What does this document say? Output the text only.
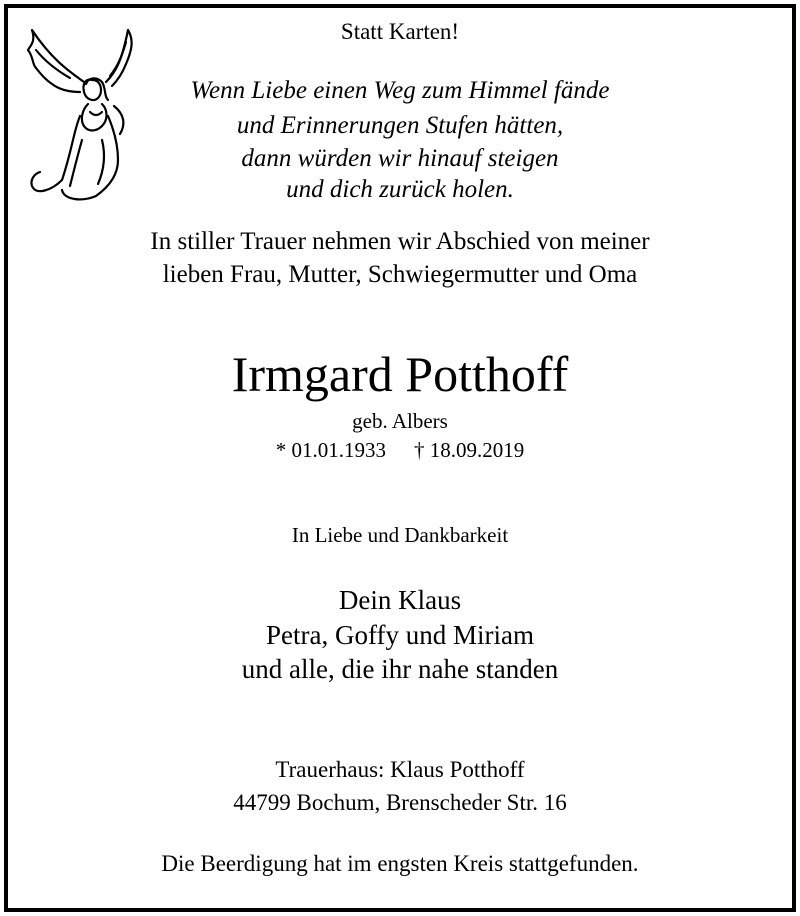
Statt Karten!
Wenn Liebe einen Weg zum Himmel fände
und Erinnerungen Stufen hätten,
dann würden wir hinauf steigen
und dich zurück holen.
In stiller Trauer nehmen wir Abschied von meiner
lieben Frau, Mutter, Schwiegermutter und Oma
Irmgard Potthoff
geb. Albers
* 01.01.1933 † 18.09.2019
In Liebe und Dankbarkeit
Dein Klaus
Petra, Goffy und Miriam
und alle, die ihr nahe standen
Trauerhaus: Klaus Potthoff
44799 Bochum, Brenscheder Str. 16
Die Beerdigung hat im engsten Kreis stattgefunden.
